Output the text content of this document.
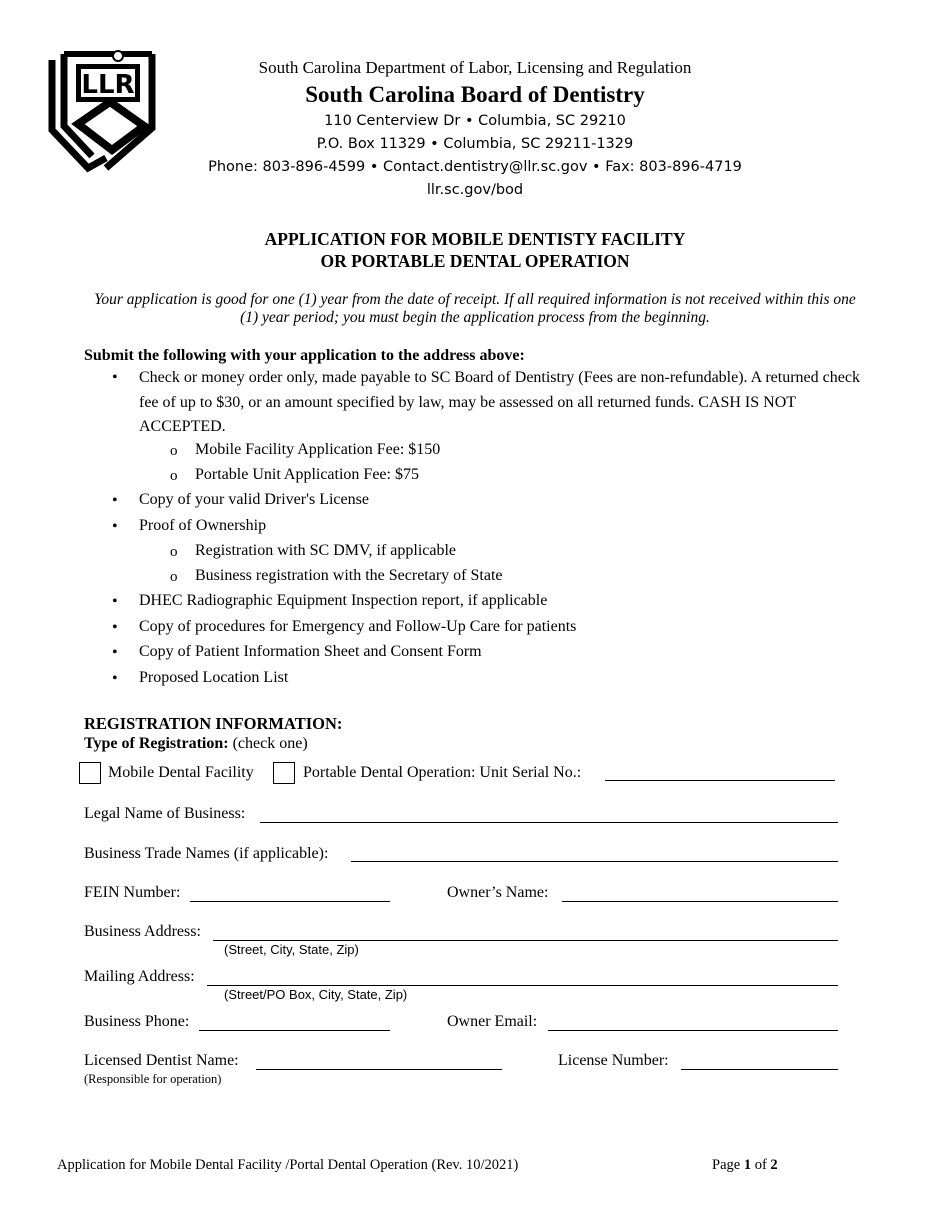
LLR
South Carolina Department of Labor, Licensing and Regulation
South Carolina Board of Dentistry
110 Centerview Dr • Columbia, SC 29210
P.O. Box 11329 • Columbia, SC 29211-1329
Phone: 803-896-4599 • Contact.dentistry@llr.sc.gov • Fax: 803-896-4719
llr.sc.gov/bod
APPLICATION FOR MOBILE DENTISTY FACILITY
OR PORTABLE DENTAL OPERATION
Your application is good for one (1) year from the date of receipt. If all required information is not received within this one (1) year period; you must begin the application process from the beginning.
Submit the following with your application to the address above:
• Check or money order only, made payable to SC Board of Dentistry (Fees are non-refundable). A returned check fee of up to $30, or an amount specified by law, may be assessed on all returned funds. CASH IS NOT ACCEPTED.
o Mobile Facility Application Fee: $150
o Portable Unit Application Fee: $75
• Copy of your valid Driver's License
• Proof of Ownership
o Registration with SC DMV, if applicable
o Business registration with the Secretary of State
• DHEC Radiographic Equipment Inspection report, if applicable
• Copy of procedures for Emergency and Follow-Up Care for patients
• Copy of Patient Information Sheet and Consent Form
• Proposed Location List
REGISTRATION INFORMATION:
Type of Registration: (check one)
Mobile Dental Facility	Portable Dental Operation: Unit Serial No.:
Legal Name of Business:
Business Trade Names (if applicable):
FEIN Number:	Owner’s Name:
Business Address:
(Street, City, State, Zip)
Mailing Address:
(Street/PO Box, City, State, Zip)
Business Phone:	Owner Email:
Licensed Dentist Name:
(Responsible for operation)
License Number:
Application for Mobile Dental Facility /Portal Dental Operation (Rev. 10/2021)	Page 1 of 2
